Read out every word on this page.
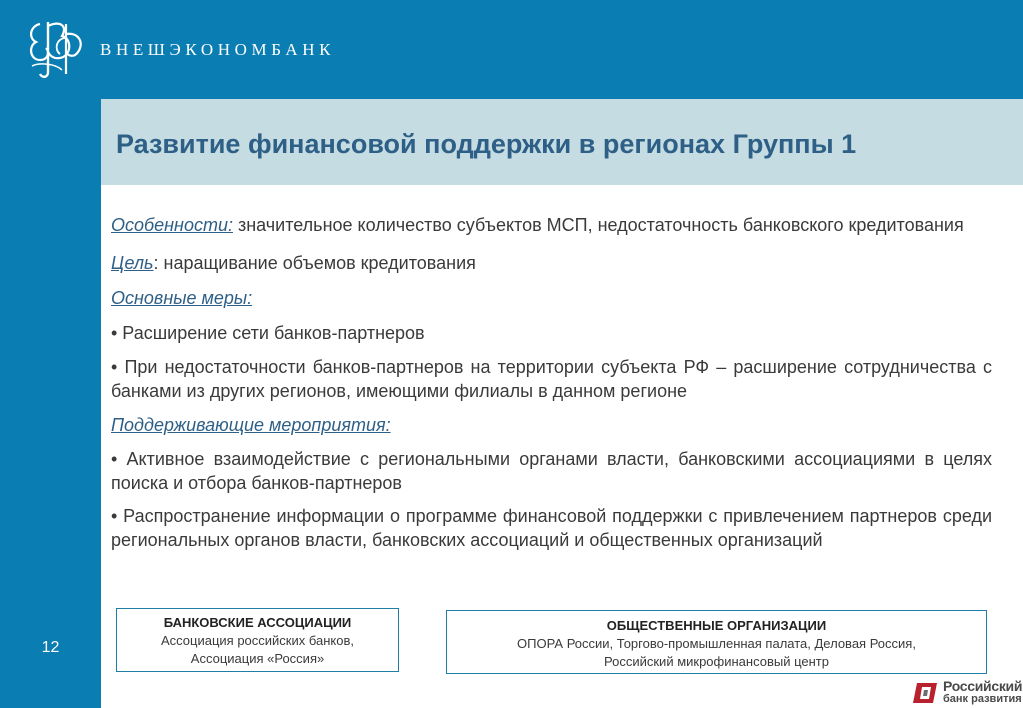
ВНЕШЭКОНОМБАНК
12
Развитие финансовой поддержки в регионах Группы 1

Особенности: значительное количество субъектов МСП, недостаточность банковского кредитования

Цель: наращивание объемов кредитования

Основные меры:

• Расширение сети банков-партнеров

• При недостаточности банков-партнеров на территории субъекта РФ – расширение сотрудничества с банками из других регионов, имеющими филиалы в данном регионе

Поддерживающие мероприятия:

• Активное взаимодействие с региональными органами власти, банковскими ассоциациями в целях поиска и отбора банков-партнеров

• Распространение информации о программе финансовой поддержки с привлечением партнеров среди региональных органов власти, банковских ассоциаций и общественных организаций

БАНКОВСКИЕ АССОЦИАЦИИ
Ассоциация российских банков,
Ассоциация «Россия»
ОБЩЕСТВЕННЫЕ ОРГАНИЗАЦИИ
ОПОРА России, Торгово-промышленная палата, Деловая Россия,
Российский микрофинансовый центр
Российский
банк развития
